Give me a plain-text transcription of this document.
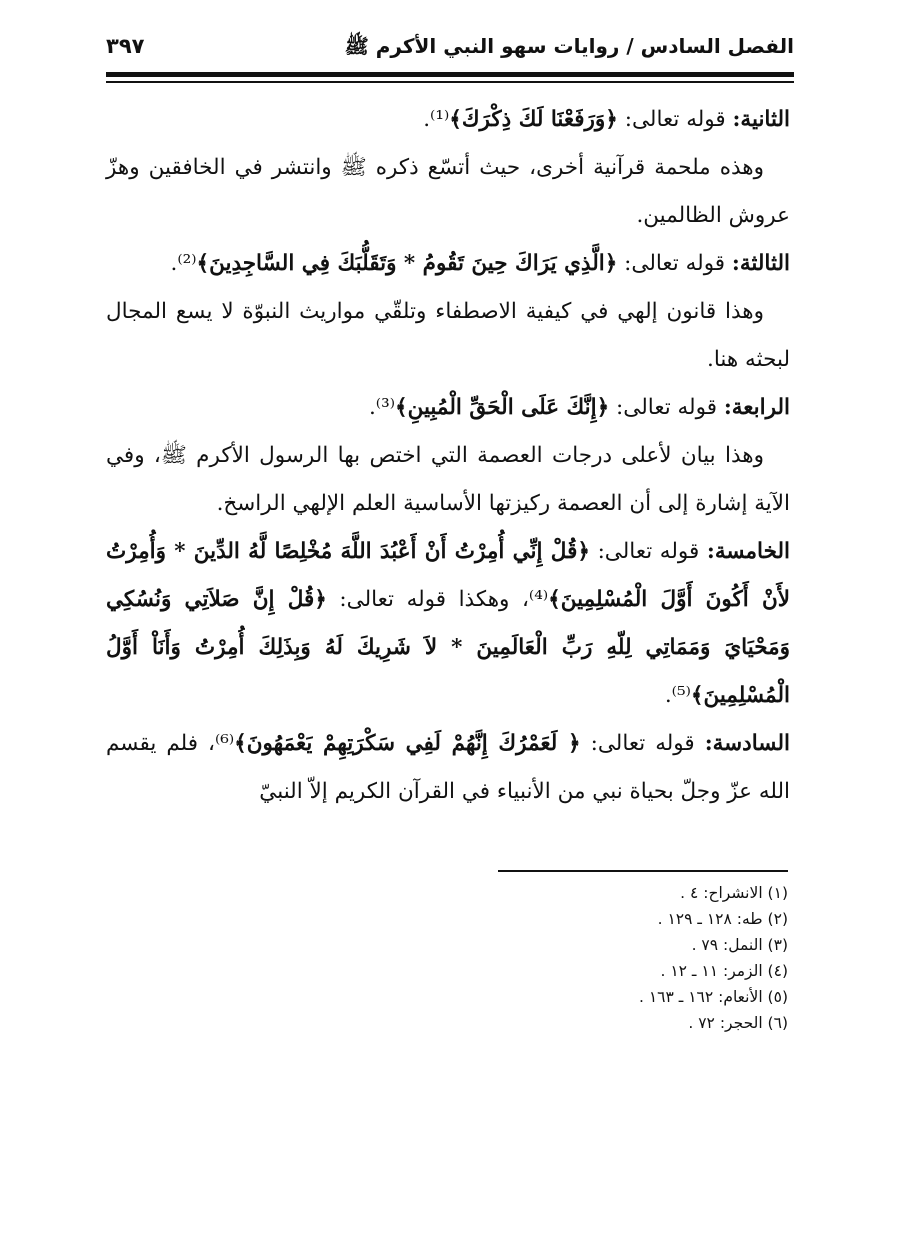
الفصل السادس / روايات سهو النبي الأكرم ﷺ
٣٩٧

الثانية: قوله تعالى: ﴿وَرَفَعْنَا لَكَ ذِكْرَكَ﴾⁽¹⁾.

وهذه ملحمة قرآنية أخرى، حيث أتسّع ذكره ﷺ وانتشر في الخافقين وهزّ عروش الظالمين.

الثالثة: قوله تعالى: ﴿الَّذِي يَرَاكَ حِينَ تَقُومُ * وَتَقَلُّبَكَ فِي السَّاجِدِينَ﴾⁽²⁾.

وهذا قانون إلهي في كيفية الاصطفاء وتلقّي مواريث النبوّة لا يسع المجال لبحثه هنا.

الرابعة: قوله تعالى: ﴿إِنَّكَ عَلَى الْحَقِّ الْمُبِينِ﴾⁽³⁾.

وهذا بيان لأعلى درجات العصمة التي اختص بها الرسول الأكرم ﷺ، وفي الآية إشارة إلى أن العصمة ركيزتها الأساسية العلم الإلهي الراسخ.

الخامسة: قوله تعالى: ﴿قُلْ إِنِّي أُمِرْتُ أَنْ أَعْبُدَ اللَّهَ مُخْلِصًا لَّهُ الدِّينَ * وَأُمِرْتُ لأَنْ أَكُونَ أَوَّلَ الْمُسْلِمِينَ﴾⁽⁴⁾، وهكذا قوله تعالى: ﴿قُلْ إِنَّ صَلاَتِي وَنُسُكِي وَمَحْيَايَ وَمَمَاتِي لِلّهِ رَبِّ الْعَالَمِينَ * لاَ شَرِيكَ لَهُ وَبِذَلِكَ أُمِرْتُ وَأَنَاْ أَوَّلُ الْمُسْلِمِينَ﴾⁽⁵⁾.

السادسة: قوله تعالى: ﴿ لَعَمْرُكَ إِنَّهُمْ لَفِي سَكْرَتِهِمْ يَعْمَهُونَ﴾⁽⁶⁾، فلم يقسم الله عزّ وجلّ بحياة نبي من الأنبياء في القرآن الكريم إلاّ النبيّ

(١) الانشراح: ٤ .

(٢) طه: ١٢٨ ـ ١٢٩ .

(٣) النمل: ٧٩ .

(٤) الزمر: ١١ ـ ١٢ .

(٥) الأنعام: ١٦٢ ـ ١٦٣ .

(٦) الحجر: ٧٢ .
